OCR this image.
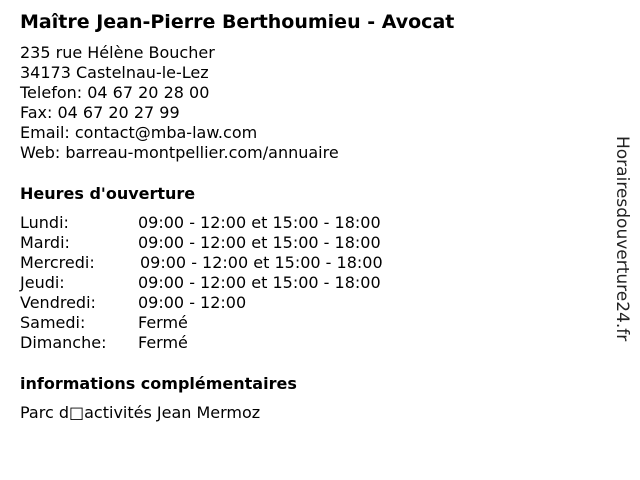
Maître Jean-Pierre Berthoumieu - Avocat
235 rue Hélène Boucher
34173 Castelnau-le-Lez
Telefon: 04 67 20 28 00
Fax: 04 67 20 27 99
Email: contact@mba-law.com
Web: barreau-montpellier.com/annuaire
Heures d'ouverture
Lundi:	09:00 - 12:00 et 15:00 - 18:00
Mardi:	09:00 - 12:00 et 15:00 - 18:00
Mercredi:	09:00 - 12:00 et 15:00 - 18:00
Jeudi:	09:00 - 12:00 et 15:00 - 18:00
Vendredi:	09:00 - 12:00
Samedi:	Fermé
Dimanche: Fermé
informations complémentaires
Parc d□activités Jean Mermoz
Horairesdouverture24.fr
